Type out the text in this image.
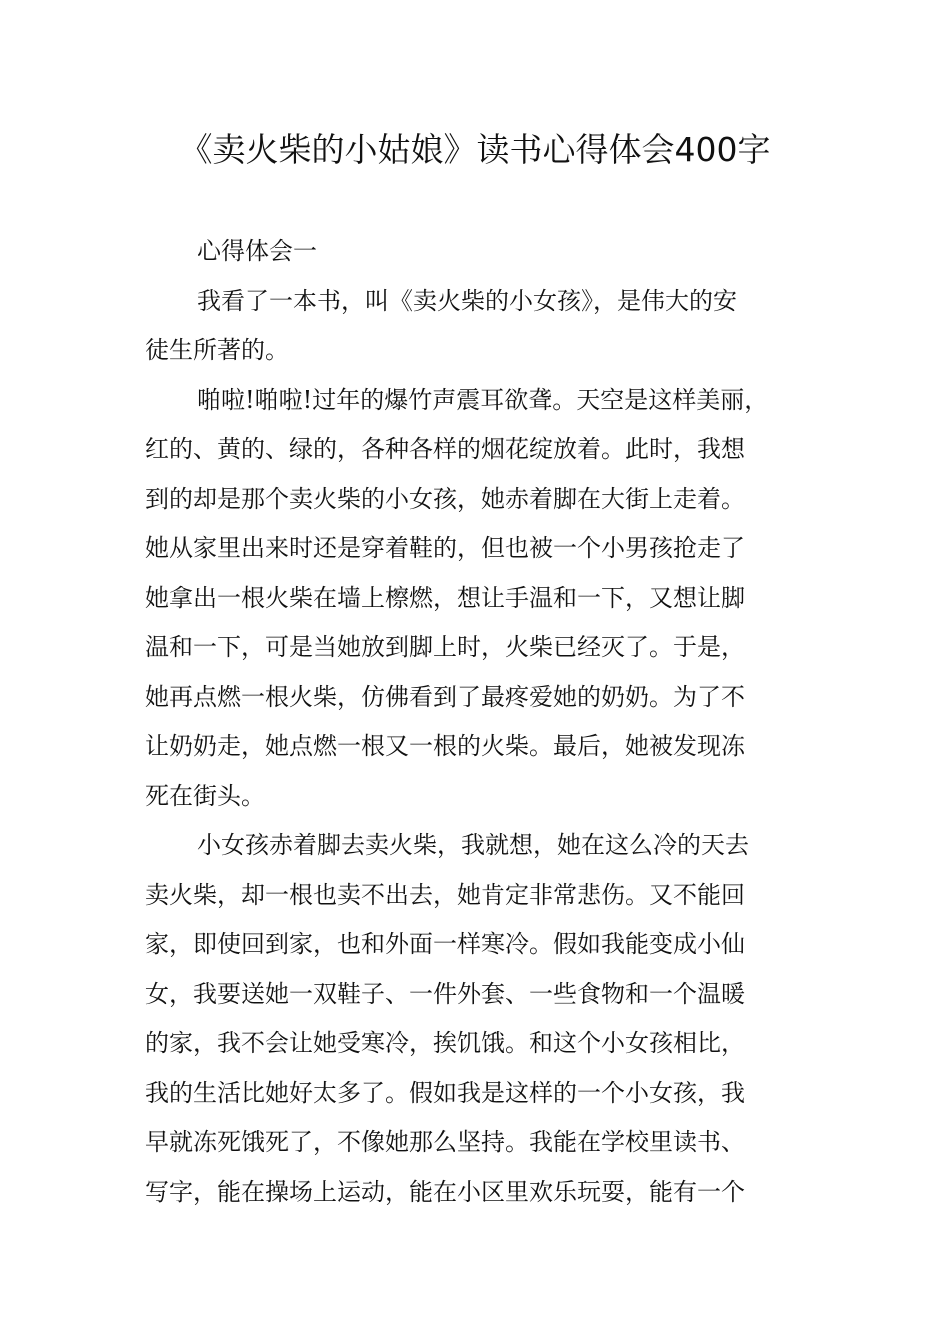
《卖火柴的小姑娘》读书心得体会400字
心得体会一
我看了一本书，叫《卖火柴的小女孩》，是伟大的安
徒生所著的。
啪啦!啪啦!过年的爆竹声震耳欲聋。天空是这样美丽，
红的、黄的、绿的，各种各样的烟花绽放着。此时，我想
到的却是那个卖火柴的小女孩，她赤着脚在大街上走着。
她从家里出来时还是穿着鞋的，但也被一个小男孩抢走了
她拿出一根火柴在墙上檫燃，想让手温和一下，又想让脚
温和一下，可是当她放到脚上时，火柴已经灭了。于是，
她再点燃一根火柴，仿佛看到了最疼爱她的奶奶。为了不
让奶奶走，她点燃一根又一根的火柴。最后，她被发现冻
死在街头。
小女孩赤着脚去卖火柴，我就想，她在这么冷的天去
卖火柴，却一根也卖不出去，她肯定非常悲伤。又不能回
家，即使回到家，也和外面一样寒冷。假如我能变成小仙
女，我要送她一双鞋子、一件外套、一些食物和一个温暖
的家，我不会让她受寒冷，挨饥饿。和这个小女孩相比，
我的生活比她好太多了。假如我是这样的一个小女孩，我
早就冻死饿死了，不像她那么坚持。我能在学校里读书、
写字，能在操场上运动，能在小区里欢乐玩耍，能有一个
